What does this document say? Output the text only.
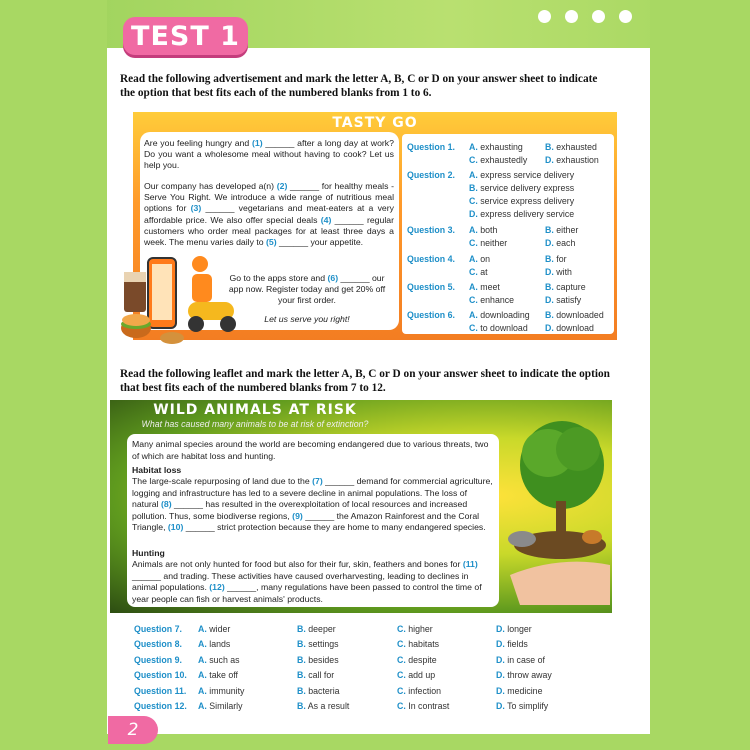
TEST 1
Read the following advertisement and mark the letter A, B, C or D on your answer sheet to indicate the option that best fits each of the numbered blanks from 1 to 6.
TASTY GO
Are you feeling hungry and (1) ______ after a long day at work? Do you want a wholesome meal without having to cook? Let us help you.
Our company has developed a(n) (2) ______ for healthy meals - Serve You Right. We introduce a wide range of nutritious meal options for (3) ______ vegetarians and meat-eaters at a very affordable price. We also offer special deals (4) ______ regular customers who order meal packages for at least three days a week. The menu varies daily to (5) ______ your appetite.
Go to the apps store and (6) ______ our app now. Register today and get 20% off your first order.
Let us serve you right!
Question 1. A. exhausting	B. exhausted
C. exhaustedly D. exhaustion
Question 2. A. express service delivery
B. service delivery express
C. service express delivery
D. express delivery service
Question 3. A. both	B. either
C. neither	D. each
Question 4. A. on	B. for
C. at	D. with
Question 5. A. meet	B. capture
C. enhance	D. satisfy
Question 6. A. downloading B. downloaded
C. to download D. download
Read the following leaflet and mark the letter A, B, C or D on your answer sheet to indicate the option that best fits each of the numbered blanks from 7 to 12.
WILD ANIMALS AT RISK
What has caused many animals to be at risk of extinction?
Many animal species around the world are becoming endangered due to various threats, two of which are habitat loss and hunting.
Habitat loss
The large-scale repurposing of land due to the (7) ______ demand for commercial agriculture, logging and infrastructure has led to a severe decline in animal populations. The loss of natural (8) ______ has resulted in the overexploitation of local resources and increased pollution. Thus, some biodiverse regions, (9) ______ the Amazon Rainforest and the Coral Triangle, (10) ______ strict protection because they are home to many endangered species.
Hunting
Animals are not only hunted for food but also for their fur, skin, feathers and bones for (11) ______ and trading. These activities have caused overharvesting, leading to declines in animal populations. (12) ______, many regulations have been passed to control the time of year people can fish or harvest animals' products.
Question 7. A. wider	B. deeper	C. higher	D. longer
Question 8. A. lands	B. settings	C. habitats	D. fields
Question 9. A. such as	B. besides	C. despite	D. in case of
Question 10. A. take off	B. call for	C. add up	D. throw away
Question 11. A. immunity	B. bacteria	C. infection	D. medicine
Question 12. A. Similarly	B. As a result	C. In contrast	D. To simplify
2
